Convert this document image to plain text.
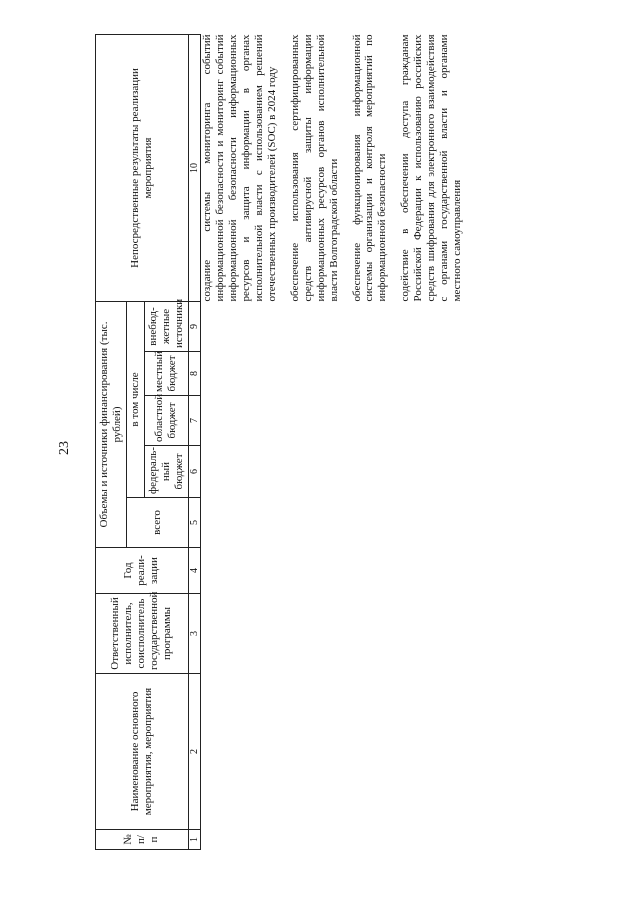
23
№ п/п	Наименование основного мероприятия, мероприятия	Ответственный исполнитель, соисполнитель государственной программы	Год реали-зации	Объемы и источники финансирования (тыс. рублей)					Непосредственные результаты реализации мероприятия
				всего	в том числе				
					федераль-ный бюджет	областной бюджет	местный бюджет	внебюд-жетные источники	
1	2	3	4	5	6	7	8	9	10

									создание системы мониторинга событий информационной безопасности и мониторинг событий информационной безопасности информационных ресурсов и защита информации в органах исполнительной власти с использованием решений отечественных производителей (SOC) в 2024 году обеспечение использования сертифицированных средств антивирусной защиты информации информационных ресурсов органов исполнительной власти Волгоградской области обеспечение функционирования информационной системы организации и контроля мероприятий по информационной безопасности содействие в обеспечении доступа гражданам Российской Федерации к использованию российских средств шифрования для электронного взаимодействия с органами государственной власти и органами местного самоуправления
